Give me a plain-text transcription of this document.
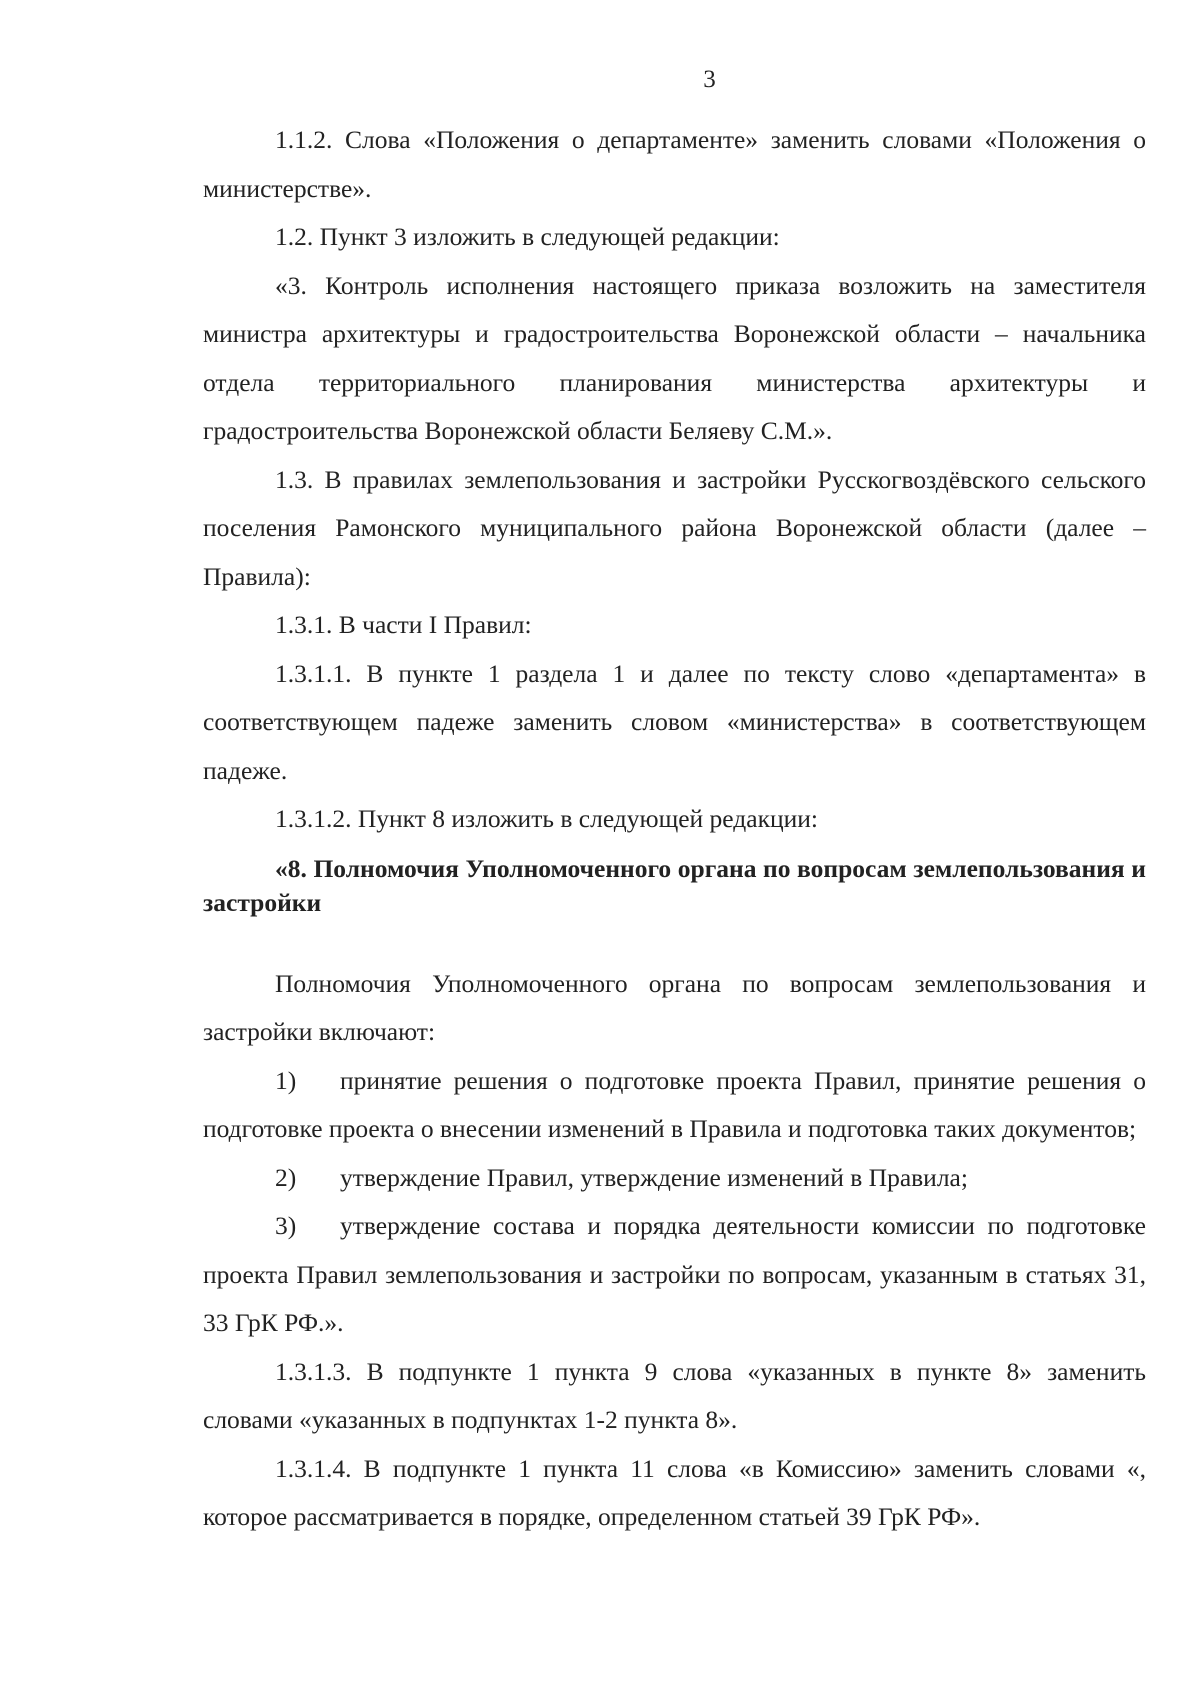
3

1.1.2. Слова «Положения о департаменте» заменить словами «Положения о министерстве».

1.2. Пункт 3 изложить в следующей редакции:

«3. Контроль исполнения настоящего приказа возложить на заместителя министра архитектуры и градостроительства Воронежской области – начальника отдела территориального планирования министерства архитектуры и градостроительства Воронежской области Беляеву С.М.».

1.3. В правилах землепользования и застройки Русскогвоздёвского сельского поселения Рамонского муниципального района Воронежской области (далее – Правила):

1.3.1. В части I Правил:

1.3.1.1. В пункте 1 раздела 1 и далее по тексту слово «департамента» в соответствующем падеже заменить словом «министерства» в соответствующем падеже.

1.3.1.2. Пункт 8 изложить в следующей редакции:

«8. Полномочия Уполномоченного органа по вопросам землепользования и застройки

Полномочия Уполномоченного органа по вопросам землепользования и застройки включают:

1) принятие решения о подготовке проекта Правил, принятие решения о подготовке проекта о внесении изменений в Правила и подготовка таких документов;

2) утверждение Правил, утверждение изменений в Правила;

3) утверждение состава и порядка деятельности комиссии по подготовке проекта Правил землепользования и застройки по вопросам, указанным в статьях 31, 33 ГрК РФ.».

1.3.1.3. В подпункте 1 пункта 9 слова «указанных в пункте 8» заменить словами «указанных в подпунктах 1-2 пункта 8».

1.3.1.4. В подпункте 1 пункта 11 слова «в Комиссию» заменить словами «, которое рассматривается в порядке, определенном статьей 39 ГрК РФ».
